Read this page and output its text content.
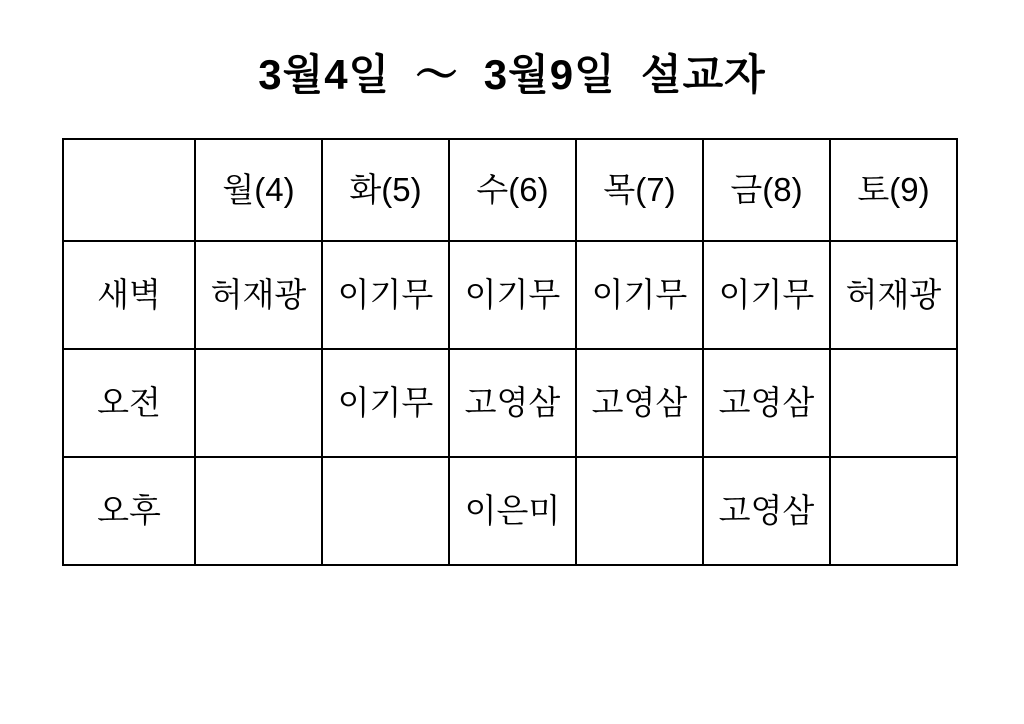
3월4일  ～  3월9일  설교자
	월(4)	화(5)	수(6)	목(7)	금(8)	토(9)
새벽	허재광	이기무	이기무	이기무	이기무	허재광
오전		이기무	고영삼	고영삼	고영삼	
오후			이은미		고영삼	
